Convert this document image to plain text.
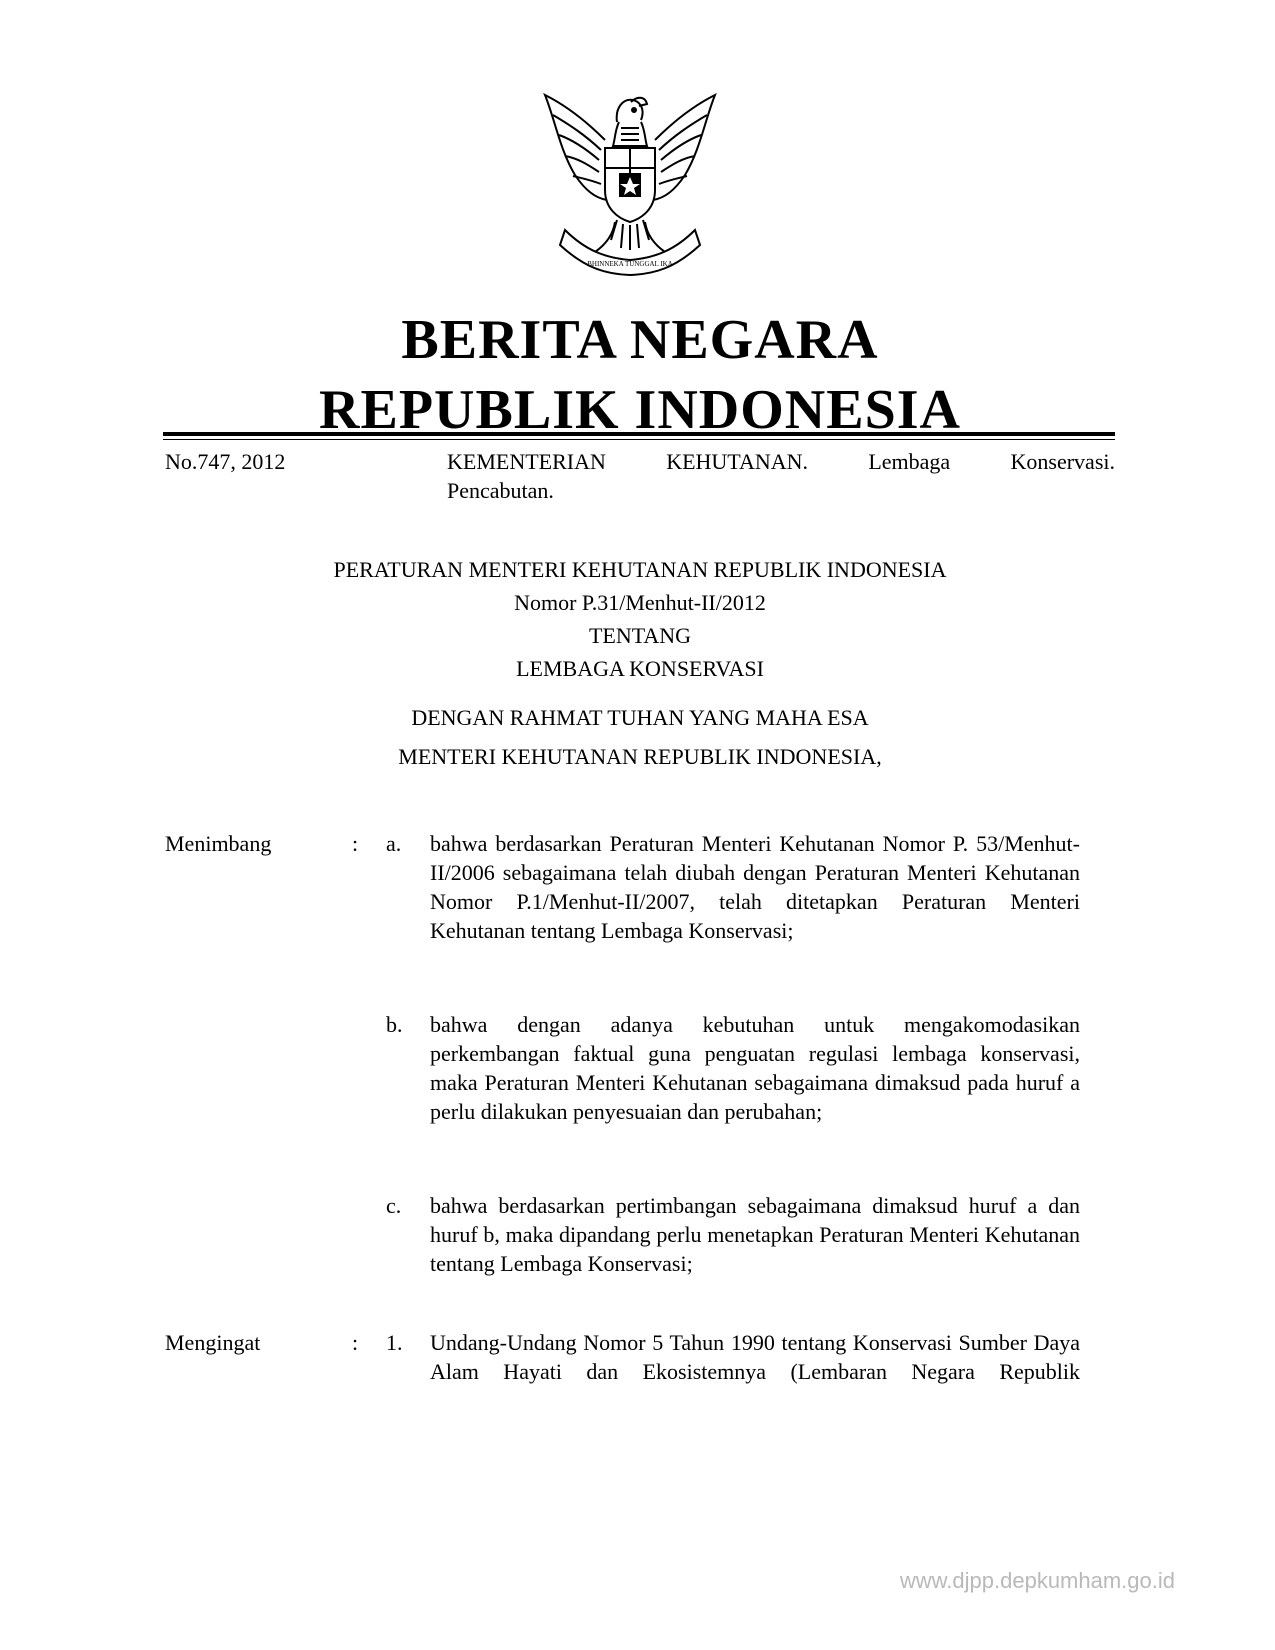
BHINNEKA TUNGGAL IKA
BERITA NEGARA
REPUBLIK INDONESIA
No.747, 2012	KEMENTERIAN KEHUTANAN. Lembaga Konservasi.
Pencabutan.
PERATURAN MENTERI KEHUTANAN REPUBLIK INDONESIA
Nomor P.31/Menhut-II/2012
TENTANG
LEMBAGA KONSERVASI
DENGAN RAHMAT TUHAN YANG MAHA ESA
MENTERI KEHUTANAN REPUBLIK INDONESIA,
Menimbang	: a. bahwa berdasarkan Peraturan Menteri Kehutanan Nomor P. 53/Menhut-II/2006 sebagaimana telah diubah dengan Peraturan Menteri Kehutanan Nomor P.1/Menhut-II/2007, telah ditetapkan Peraturan Menteri Kehutanan tentang Lembaga Konservasi;
b. bahwa dengan adanya kebutuhan untuk mengakomodasikan perkembangan faktual guna penguatan regulasi lembaga konservasi, maka Peraturan Menteri Kehutanan sebagaimana dimaksud pada huruf a perlu dilakukan penyesuaian dan perubahan;
c. bahwa berdasarkan pertimbangan sebagaimana dimaksud huruf a dan huruf b, maka dipandang perlu menetapkan Peraturan Menteri Kehutanan tentang Lembaga Konservasi;
Mengingat	: 1. Undang-Undang Nomor 5 Tahun 1990 tentang Konservasi Sumber Daya Alam Hayati dan Ekosistemnya (Lembaran Negara Republik
www.djpp.depkumham.go.id
